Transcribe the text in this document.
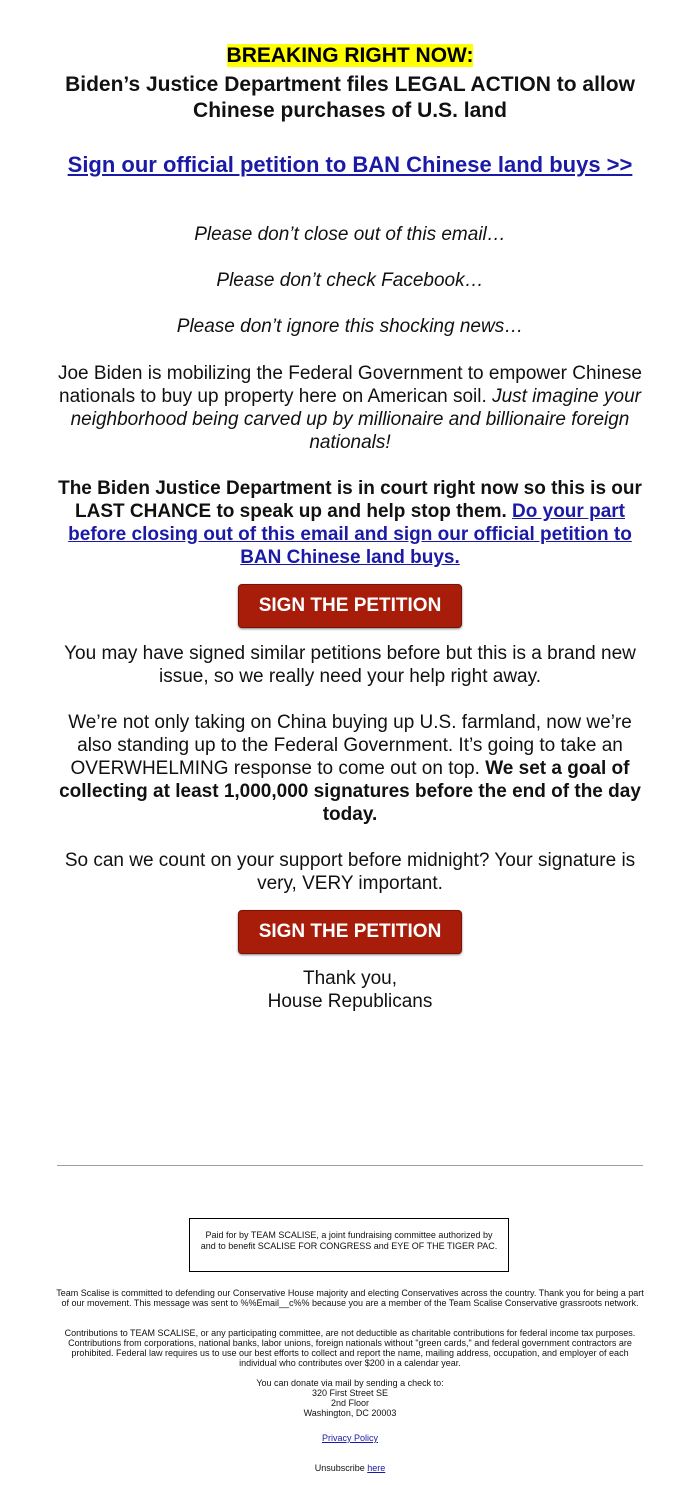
BREAKING RIGHT NOW:
Biden’s Justice Department files LEGAL ACTION to allow Chinese purchases of U.S. land
Sign our official petition to BAN Chinese land buys >>
Please don’t close out of this email…
Please don’t check Facebook…
Please don’t ignore this shocking news…
Joe Biden is mobilizing the Federal Government to empower Chinese nationals to buy up property here on American soil. Just imagine your neighborhood being carved up by millionaire and billionaire foreign nationals!
The Biden Justice Department is in court right now so this is our LAST CHANCE to speak up and help stop them. Do your part before closing out of this email and sign our official petition to BAN Chinese land buys.
SIGN THE PETITION
You may have signed similar petitions before but this is a brand new issue, so we really need your help right away.
We’re not only taking on China buying up U.S. farmland, now we’re also standing up to the Federal Government. It’s going to take an OVERWHELMING response to come out on top. We set a goal of collecting at least 1,000,000 signatures before the end of the day today.
So can we count on your support before midnight? Your signature is very, VERY important.
SIGN THE PETITION
Thank you,
House Republicans
Paid for by TEAM SCALISE, a joint fundraising committee authorized by and to benefit SCALISE FOR CONGRESS and EYE OF THE TIGER PAC.
Team Scalise is committed to defending our Conservative House majority and electing Conservatives across the country. Thank you for being a part of our movement. This message was sent to %%Email__c%% because you are a member of the Team Scalise Conservative grassroots network.
Contributions to TEAM SCALISE, or any participating committee, are not deductible as charitable contributions for federal income tax purposes. Contributions from corporations, national banks, labor unions, foreign nationals without "green cards," and federal government contractors are prohibited. Federal law requires us to use our best efforts to collect and report the name, mailing address, occupation, and employer of each individual who contributes over $200 in a calendar year.
You can donate via mail by sending a check to:
320 First Street SE
2nd Floor
Washington, DC 20003
Privacy Policy
Unsubscribe here
